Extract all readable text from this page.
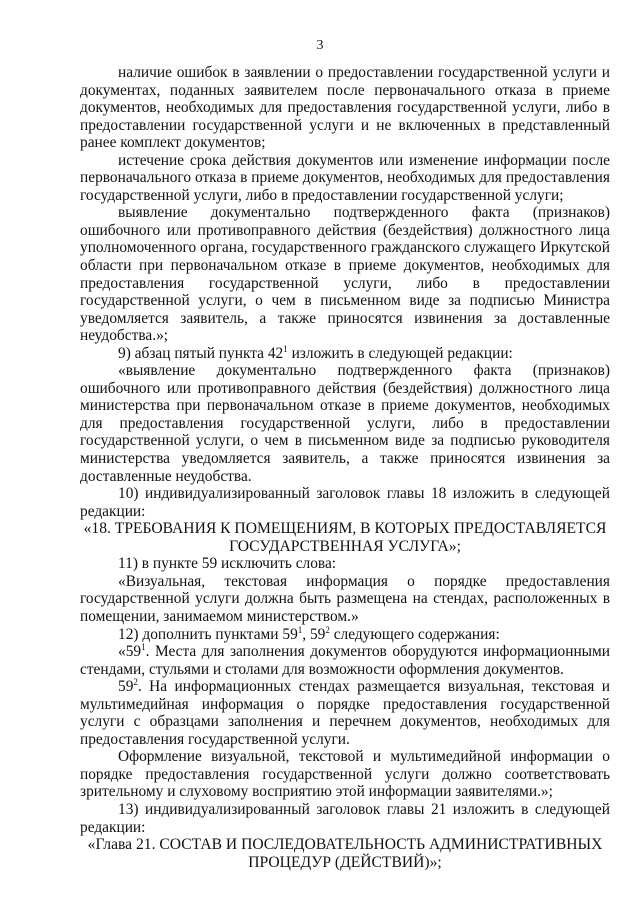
3

наличие ошибок в заявлении о предоставлении государственной услуги и документах, поданных заявителем после первоначального отказа в приеме документов, необходимых для предоставления государственной услуги, либо в предоставлении государственной услуги и не включенных в представленный ранее комплект документов;

истечение срока действия документов или изменение информации после первоначального отказа в приеме документов, необходимых для предоставления государственной услуги, либо в предоставлении государственной услуги;

выявление документально подтвержденного факта (признаков) ошибочного или противоправного действия (бездействия) должностного лица уполномоченного органа, государственного гражданского служащего Иркутской области при первоначальном отказе в приеме документов, необходимых для предоставления государственной услуги, либо в предоставлении государственной услуги, о чем в письменном виде за подписью Министра уведомляется заявитель, а также приносятся извинения за доставленные неудобства.»;

9) абзац пятый пункта $42^1$ изложить в следующей редакции:

«выявление документально подтвержденного факта (признаков) ошибочного или противоправного действия (бездействия) должностного лица министерства при первоначальном отказе в приеме документов, необходимых для предоставления государственной услуги, либо в предоставлении государственной услуги, о чем в письменном виде за подписью руководителя министерства уведомляется заявитель, а также приносятся извинения за доставленные неудобства.

10) индивидуализированный заголовок главы 18 изложить в следующей редакции:

«18. ТРЕБОВАНИЯ К ПОМЕЩЕНИЯМ, В КОТОРЫХ ПРЕДОСТАВЛЯЕТСЯ ГОСУДАРСТВЕННАЯ УСЛУГА»;

11) в пункте 59 исключить слова:

«Визуальная, текстовая информация о порядке предоставления государственной услуги должна быть размещена на стендах, расположенных в помещении, занимаемом министерством.»

12) дополнить пунктами $59^1$, $59^2$ следующего содержания:

«$59^1$. Места для заполнения документов оборудуются информационными стендами, стульями и столами для возможности оформления документов.

$59^2$. На информационных стендах размещается визуальная, текстовая и мультимедийная информация о порядке предоставления государственной услуги с образцами заполнения и перечнем документов, необходимых для предоставления государственной услуги.

Оформление визуальной, текстовой и мультимедийной информации о порядке предоставления государственной услуги должно соответствовать зрительному и слуховому восприятию этой информации заявителями.»;

13) индивидуализированный заголовок главы 21 изложить в следующей редакции:

«Глава 21. СОСТАВ И ПОСЛЕДОВАТЕЛЬНОСТЬ АДМИНИСТРАТИВНЫХ ПРОЦЕДУР (ДЕЙСТВИЙ)»;
